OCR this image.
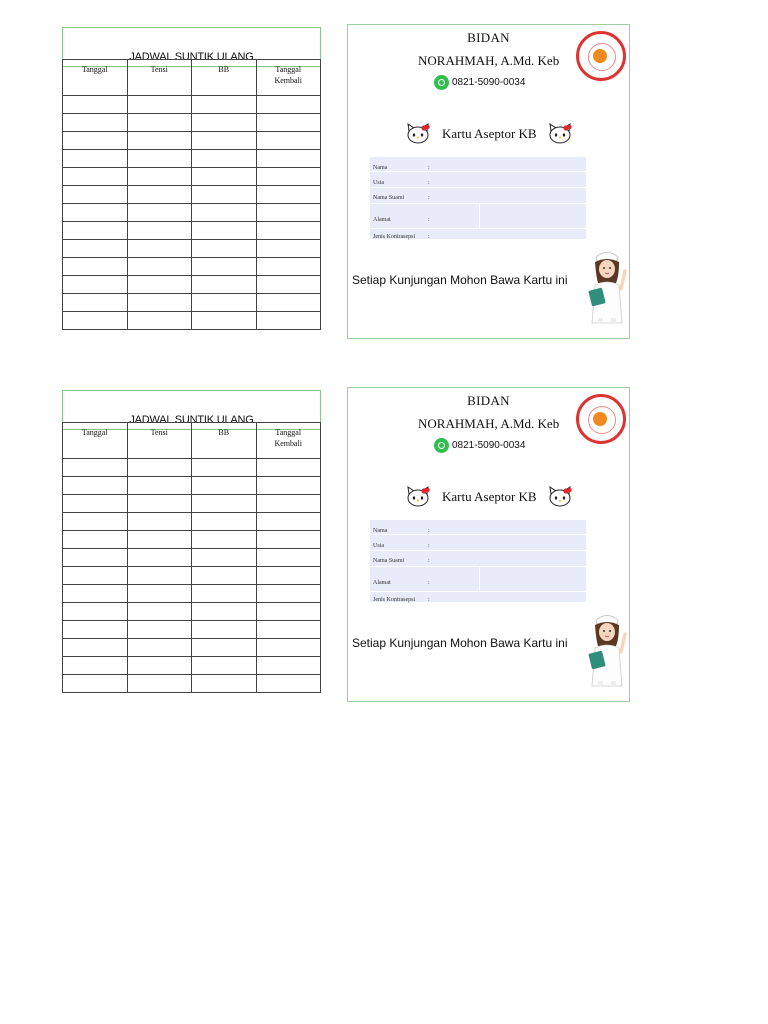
JADWAL SUNTIK ULANG
Tanggal	Tensi	BB	Tanggal
Kembali

BIDAN
NORAHMAH, A.Md. Keb
0821-5090-0034
Kartu Aseptor KB
Nama	:
Usia	:
Nama Suami	:
Alamat	:
Jenis Kontrasepsi :
Setiap Kunjungan Mohon Bawa Kartu ini
JADWAL SUNTIK ULANG
Tanggal	Tensi	BB	Tanggal
Kembali

BIDAN
NORAHMAH, A.Md. Keb
0821-5090-0034
Kartu Aseptor KB
Nama	:
Usia	:
Nama Suami	:
Alamat	:
Jenis Kontrasepsi :
Setiap Kunjungan Mohon Bawa Kartu ini
